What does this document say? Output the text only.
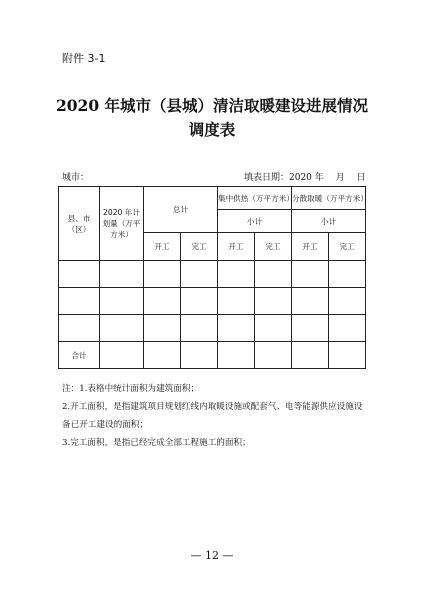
附件 3-1
2020 年城市（县城）清洁取暖建设进展情况
调度表
城市：	填表日期：2020 年　 月　 日
县、市（区）	2020 年计划量（万平方米）	总计		集中供热（万平方米）		分散取暖（万平方米）	
				小计		小计	
		开工	完工	开工	完工	开工	完工

合计							
注：1.表格中统计面积为建筑面积；
2.开工面积，是指建筑项目规划红线内取暖设施或配套气、电等能源供应设施设备已开工建设的面积；
3.完工面积，是指已经完成全部工程施工的面积；
— 12 —
